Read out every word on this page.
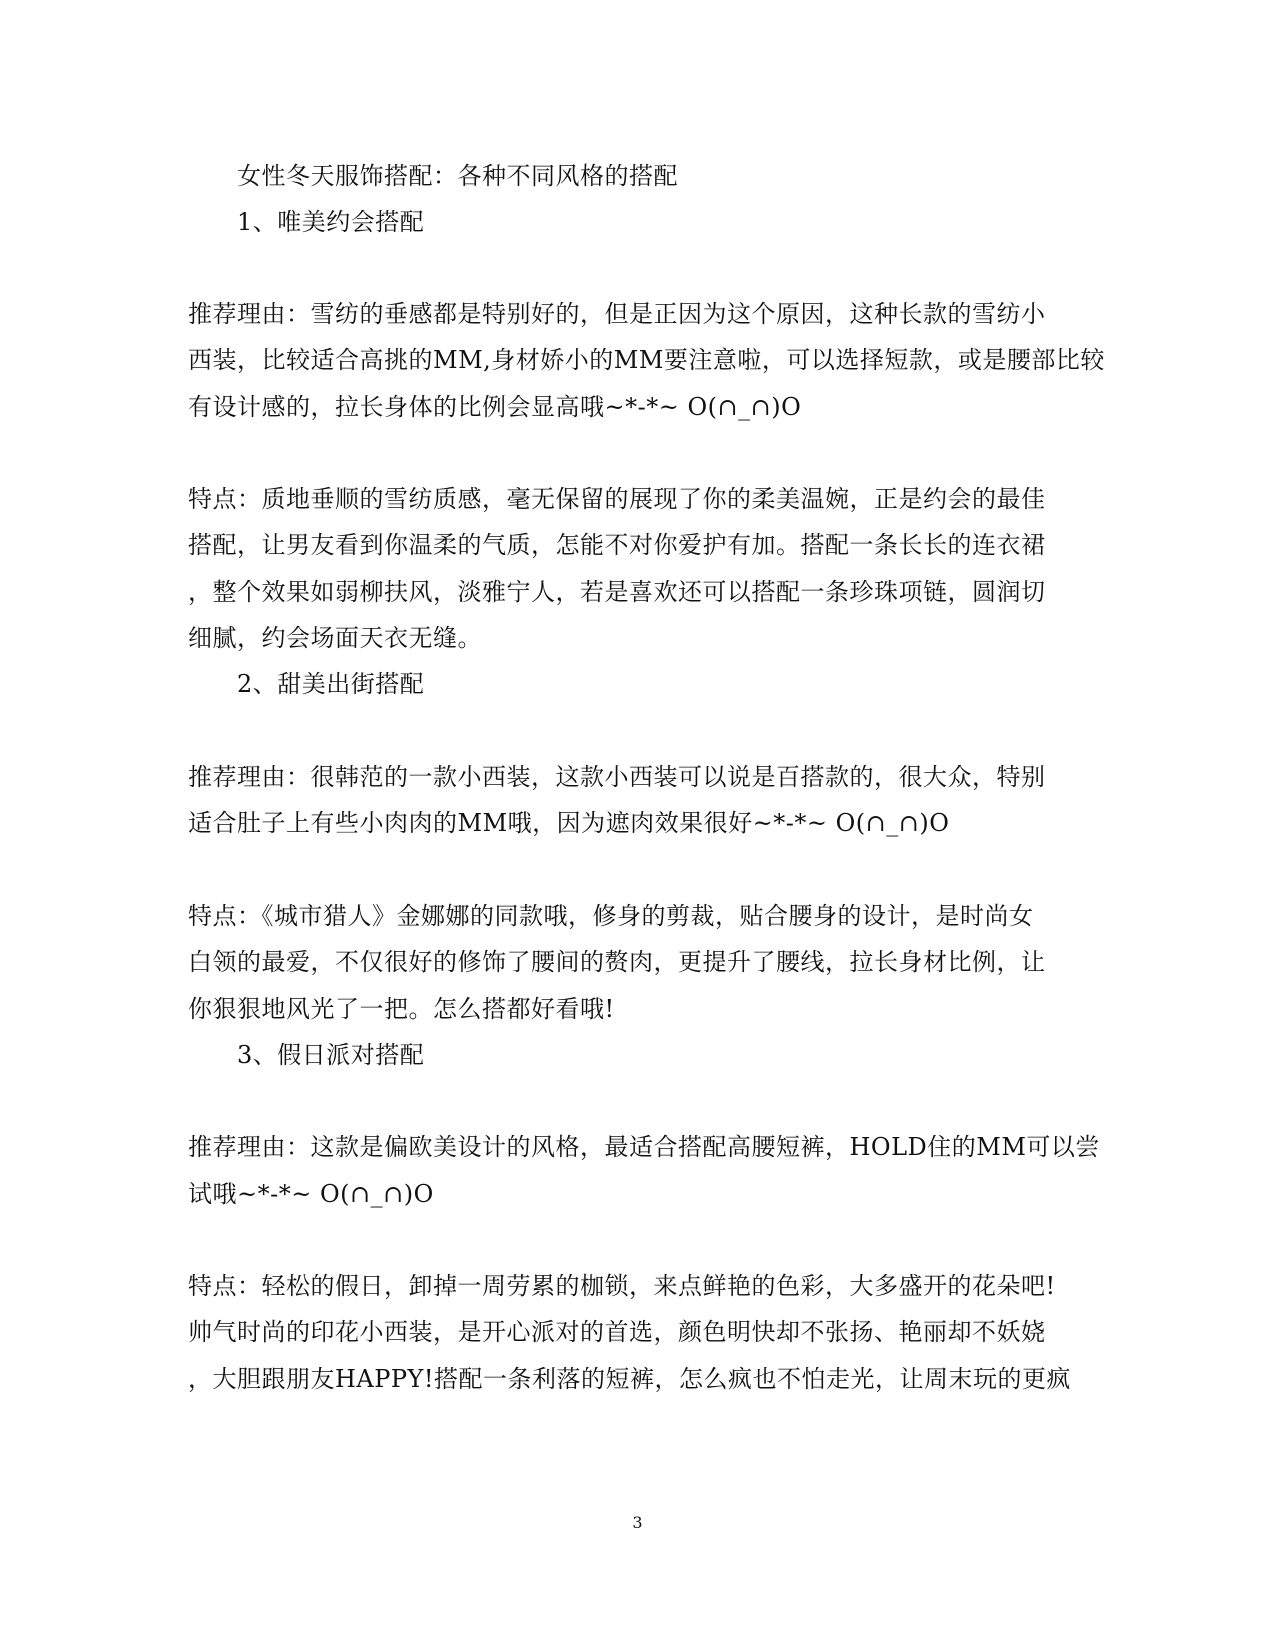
女性冬天服饰搭配：各种不同风格的搭配
1、唯美约会搭配
推荐理由：雪纺的垂感都是特别好的，但是正因为这个原因，这种长款的雪纺小
西装，比较适合高挑的MM,身材娇小的MM要注意啦，可以选择短款，或是腰部比较
有设计感的，拉长身体的比例会显高哦~*-*~ O(∩_∩)O
特点：质地垂顺的雪纺质感，毫无保留的展现了你的柔美温婉，正是约会的最佳
搭配，让男友看到你温柔的气质，怎能不对你爱护有加。搭配一条长长的连衣裙
，整个效果如弱柳扶风，淡雅宁人，若是喜欢还可以搭配一条珍珠项链，圆润切
细腻，约会场面天衣无缝。
2、甜美出街搭配
推荐理由：很韩范的一款小西装，这款小西装可以说是百搭款的，很大众，特别
适合肚子上有些小肉肉的MM哦，因为遮肉效果很好~*-*~ O(∩_∩)O
特点：《城市猎人》金娜娜的同款哦，修身的剪裁，贴合腰身的设计，是时尚女
白领的最爱，不仅很好的修饰了腰间的赘肉，更提升了腰线，拉长身材比例，让
你狠狠地风光了一把。怎么搭都好看哦!
3、假日派对搭配
推荐理由：这款是偏欧美设计的风格，最适合搭配高腰短裤，HOLD住的MM可以尝
试哦~*-*~ O(∩_∩)O
特点：轻松的假日，卸掉一周劳累的枷锁，来点鲜艳的色彩，大多盛开的花朵吧!
帅气时尚的印花小西装，是开心派对的首选，颜色明快却不张扬、艳丽却不妖娆
，大胆跟朋友HAPPY!搭配一条利落的短裤，怎么疯也不怕走光，让周末玩的更疯
3
